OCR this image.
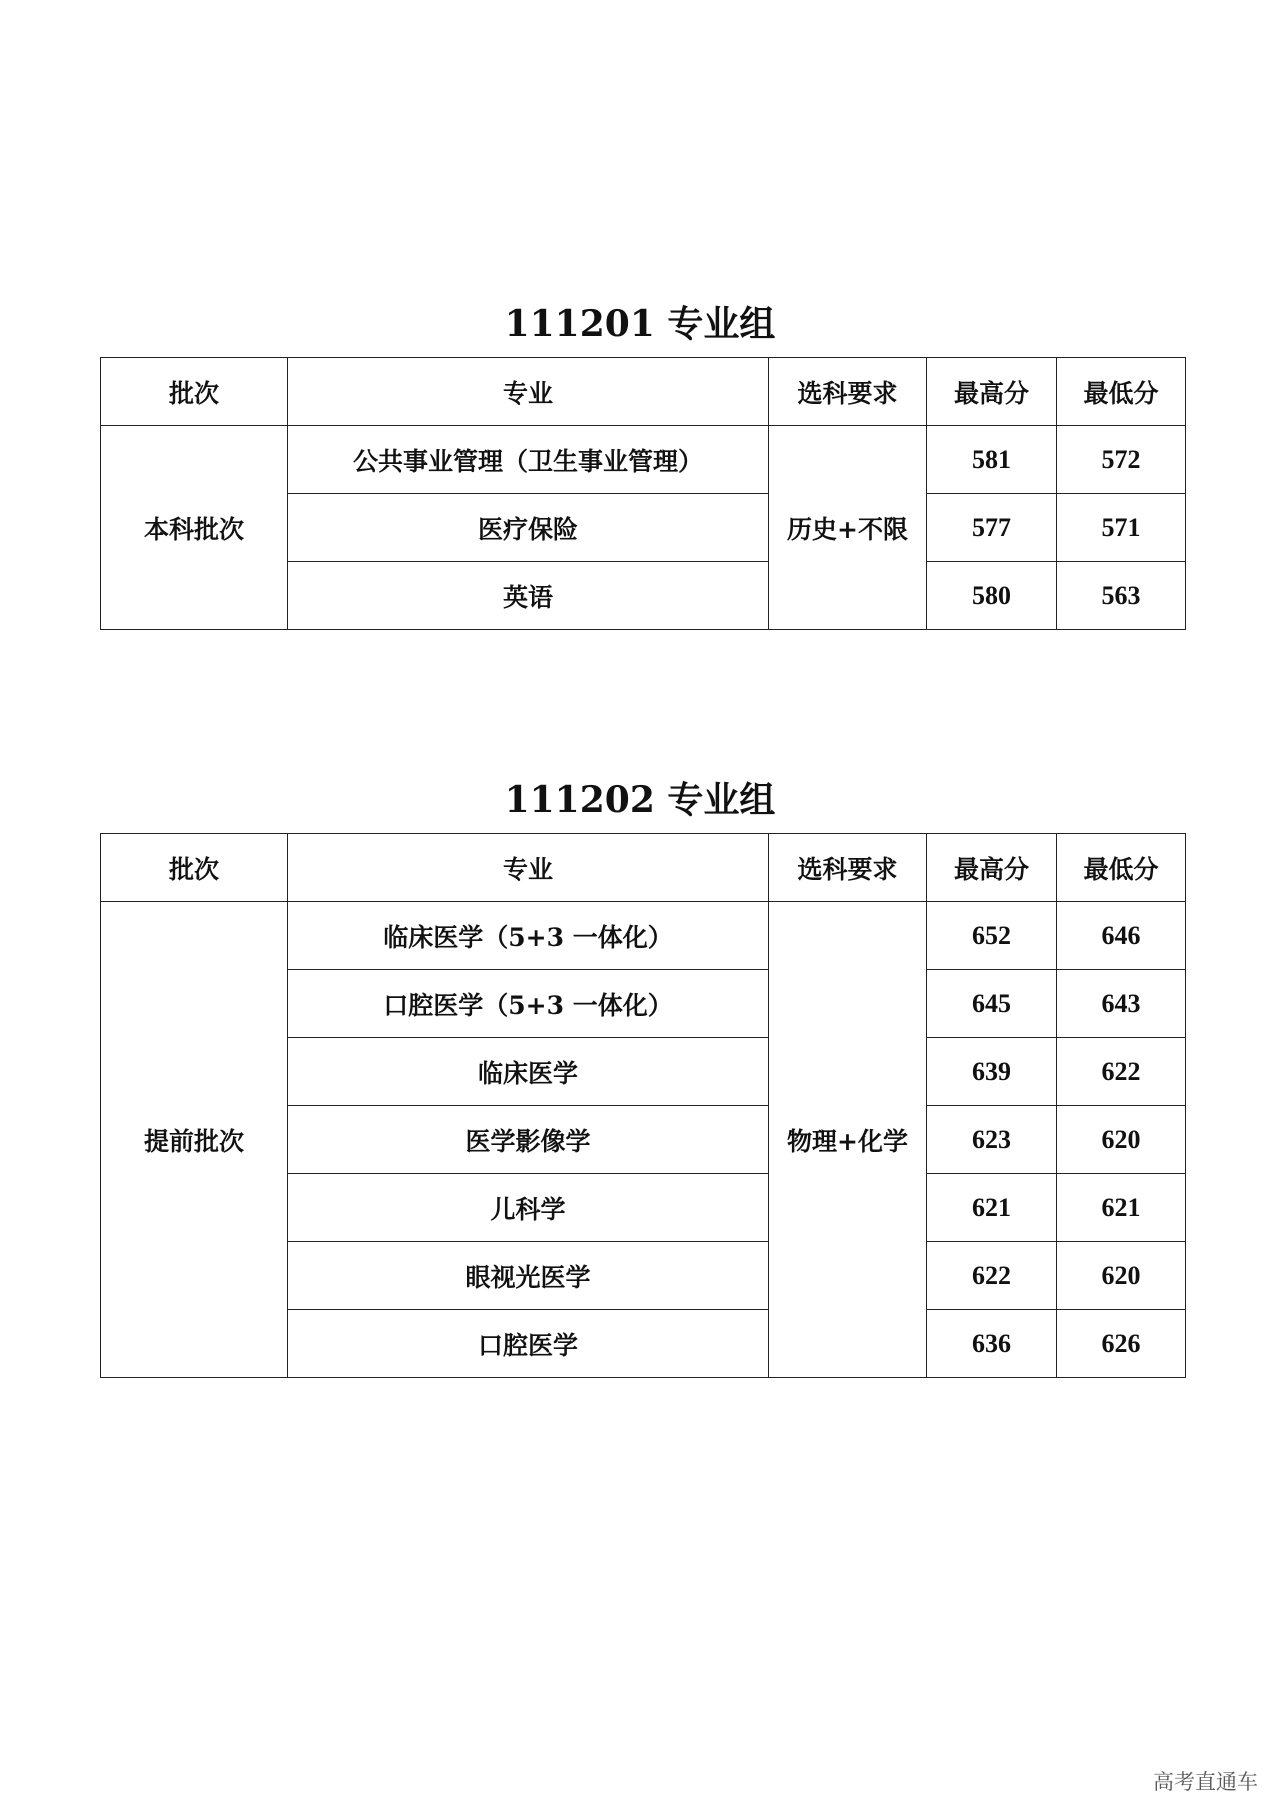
111201 专业组
批次	专业	选科要求	最高分	最低分
本科批次	公共事业管理（卫生事业管理）	历史+不限	581	572
	医疗保险		577	571
	英语		580	563
111202 专业组
批次	专业	选科要求	最高分	最低分
提前批次	临床医学（5+3 一体化）	物理+化学	652	646
	口腔医学（5+3 一体化）		645	643
	临床医学		639	622
	医学影像学		623	620
	儿科学		621	621
	眼视光医学		622	620
	口腔医学		636	626
高考直通车
